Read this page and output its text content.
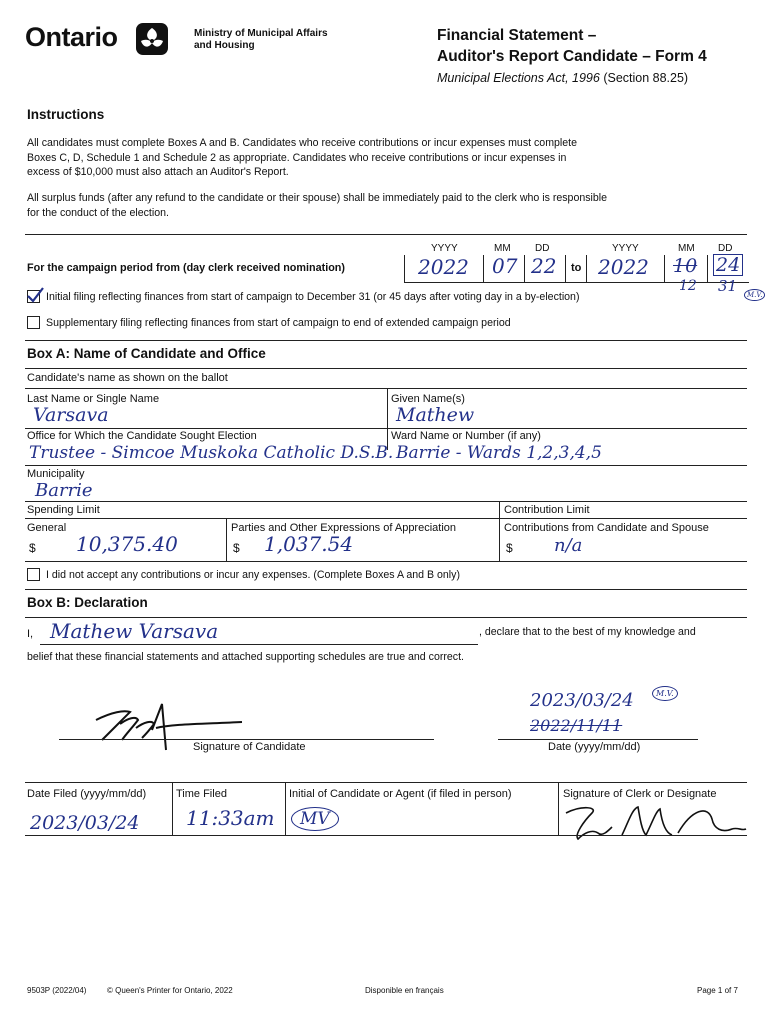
Ontario	Ministry of Municipal Affairs
and Housing
Financial Statement –
Auditor's Report Candidate – Form 4
Municipal Elections Act, 1996 (Section 88.25)
Instructions
All candidates must complete Boxes A and B. Candidates who receive contributions or incur expenses must complete
Boxes C, D, Schedule 1 and Schedule 2 as appropriate. Candidates who receive contributions or incur expenses in
excess of $10,000 must also attach an Auditor's Report.
All surplus funds (after any refund to the candidate or their spouse) shall be immediately paid to the clerk who is responsible
for the conduct of the election.
YYYY	MM DD	YYYY	MM DD
For the campaign period from (day clerk received nomination)	2022 07 22 to 2022 10 24
12 31	M.V.
Initial filing reflecting finances from start of campaign to December 31 (or 45 days after voting day in a by-election)
Supplementary filing reflecting finances from start of campaign to end of extended campaign period
Box A: Name of Candidate and Office
Candidate's name as shown on the ballot
Last Name or Single Name	Given Name(s)
Varsava	Mathew
Office for Which the Candidate Sought Election	Ward Name or Number (if any)
Trustee - Simcoe Muskoka Catholic D.S.B. Barrie - Wards 1,2,3,4,5
Municipality
Barrie
Spending Limit	Contribution Limit
General	Parties and Other Expressions of Appreciation	Contributions from Candidate and Spouse
$ 10,375.40	$ 1,037.54	$ n/a
I did not accept any contributions or incur any expenses. (Complete Boxes A and B only)
Box B: Declaration
I, Mathew Varsava	, declare that to the best of my knowledge and
belief that these financial statements and attached supporting schedules are true and correct.
Signature of Candidate
2023/03/24	M.V.
2022/11/11
Date (yyyy/mm/dd)
Date Filed (yyyy/mm/dd)	Time Filed	Initial of Candidate or Agent (if filed in person)	Signature of Clerk or Designate
2023/03/24 11:33am	MV
9503P (2022/04)	© Queen's Printer for Ontario, 2022	Disponible en français	Page 1 of 7
